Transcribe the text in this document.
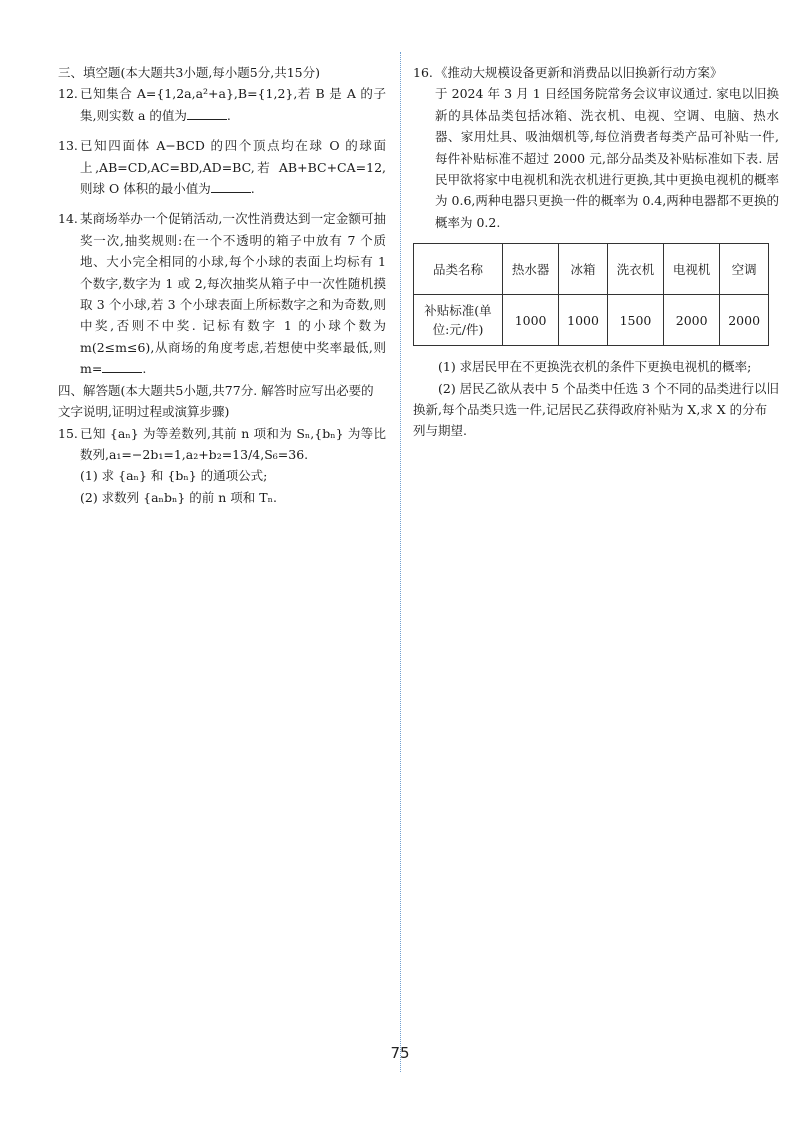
三、填空题(本大题共3小题,每小题5分,共15分)

12. 已知集合 A={1,2a,a²+a},B={1,2},若 B 是 A 的子集,则实数 a 的值为	.
13. 已知四面体 A−BCD 的四个顶点均在球 O 的球面上,AB=CD,AC=BD,AD=BC,若 AB+BC+CA=12,则球 O 体积的最小值为	.
14. 某商场举办一个促销活动,一次性消费达到一定金额可抽奖一次,抽奖规则:在一个不透明的箱子中放有 7 个质地、大小完全相同的小球,每个小球的表面上均标有 1 个数字,数字为 1 或 2,每次抽奖从箱子中一次性随机摸取 3 个小球,若 3 个小球表面上所标数字之和为奇数,则中奖,否则不中奖. 记标有数字 1 的小球个数为 m(2≤m≤6),从商场的角度考虑,若想使中奖率最低,则 m=	.

四、解答题(本大题共5小题,共77分. 解答时应写出必要的文字说明,证明过程或演算步骤)

15. 已知 {aₙ} 为等差数列,其前 n 项和为 Sₙ,{bₙ} 为等比数列,a₁=−2b₁=1,a₂+b₂=13/4,S₆=36.

(1) 求 {aₙ} 和 {bₙ} 的通项公式;

(2) 求数列 {aₙbₙ} 的前 n 项和 Tₙ.

16. 《推动大规模设备更新和消费品以旧换新行动方案》

于 2024 年 3 月 1 日经国务院常务会议审议通过. 家电以旧换新的具体品类包括冰箱、洗衣机、电视、空调、电脑、热水器、家用灶具、吸油烟机等,每位消费者每类产品可补贴一件,每件补贴标准不超过 2000 元,部分品类及补贴标准如下表. 居民甲欲将家中电视机和洗衣机进行更换,其中更换电视机的概率为 0.6,两种电器只更换一件的概率为 0.4,两种电器都不更换的概率为 0.2.

品类名称	热水器	冰箱	洗衣机	电视机	空调
补贴标准(单位:元/件)	1000	1000	1500	2000	2000

(1) 求居民甲在不更换洗衣机的条件下更换电视机的概率;

(2) 居民乙欲从表中 5 个品类中任选 3 个不同的品类进行以旧换新,每个品类只选一件,记居民乙获得政府补贴为 X,求 X 的分布列与期望.

75
